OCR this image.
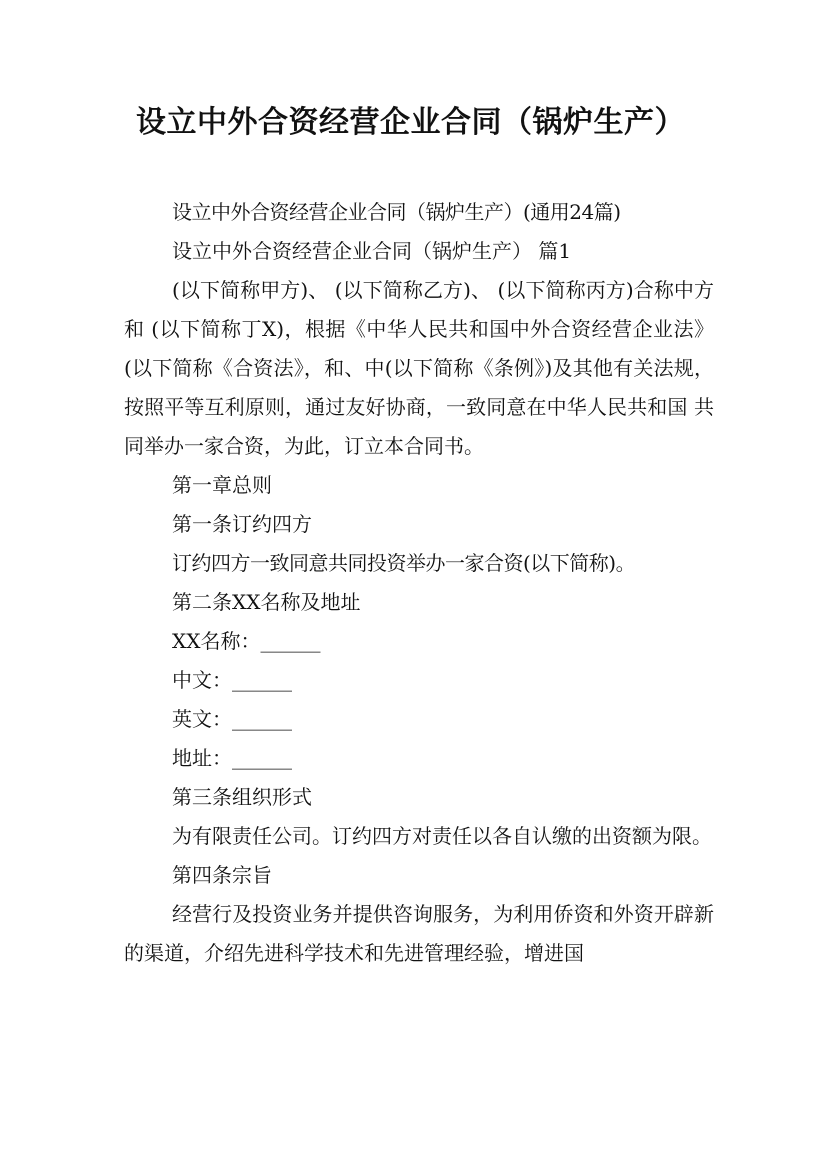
设立中外合资经营企业合同（锅炉生产）

设立中外合资经营企业合同（锅炉生产）(通用24篇)

设立中外合资经营企业合同（锅炉生产） 篇1

(以下简称甲方)、 (以下简称乙方)、 (以下简称丙方)合称中方和 (以下简称丁X)，根据《中华人民共和国中外合资经营企业法》(以下简称《合资法》，和、中(以下简称《条例》)及其他有关法规，按照平等互利原则，通过友好协商，一致同意在中华人民共和国 共同举办一家合资，为此，订立本合同书。

第一章总则

第一条订约四方

订约四方一致同意共同投资举办一家合资(以下简称)。

第二条XX名称及地址

XX名称：______

中文：______

英文：______

地址：______

第三条组织形式

为有限责任公司。订约四方对责任以各自认缴的出资额为限。

第四条宗旨

经营行及投资业务并提供咨询服务，为利用侨资和外资开辟新的渠道，介绍先进科学技术和先进管理经验，增进国
